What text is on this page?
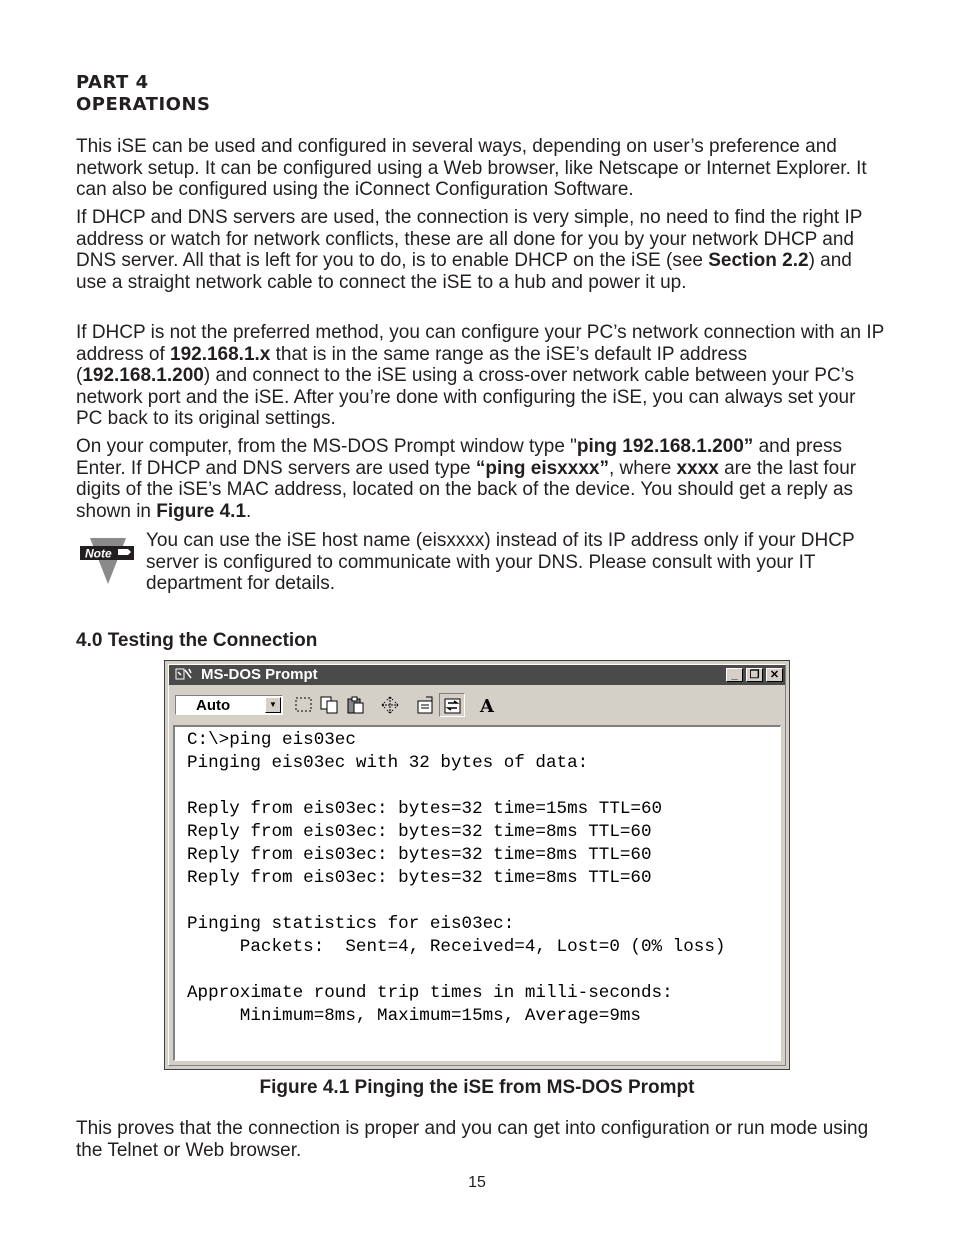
PART 4
OPERATIONS
This iSE can be used and configured in several ways, depending on user’s preference and network setup. It can be configured using a Web browser, like Netscape or Internet Explorer. It can also be configured using the iConnect Configuration Software.
If DHCP and DNS servers are used, the connection is very simple, no need to find the right IP address or watch for network conflicts, these are all done for you by your network DHCP and DNS server. All that is left for you to do, is to enable DHCP on the iSE (see Section 2.2) and use a straight network cable to connect the iSE to a hub and power it up.
If DHCP is not the preferred method, you can configure your PC’s network connection with an IP address of 192.168.1.x that is in the same range as the iSE’s default IP address (192.168.1.200) and connect to the iSE using a cross-over network cable between your PC’s network port and the iSE. After you’re done with configuring the iSE, you can always set your PC back to its original settings.
On your computer, from the MS-DOS Prompt window type "ping 192.168.1.200” and press Enter. If DHCP and DNS servers are used type “ping eisxxxx”, where xxxx are the last four digits of the iSE’s MAC address, located on the back of the device. You should get a reply as shown in Figure 4.1.
Note
You can use the iSE host name (eisxxxx) instead of its IP address only if your DHCP server is configured to communicate with your DNS. Please consult with your IT department for details.
4.0 Testing the Connection
MS-DOS Prompt	_	❐ ✕
Auto	▼	A
C:\>ping eis03ec
Pinging eis03ec with 32 bytes of data:

Reply from eis03ec: bytes=32 time=15ms TTL=60
Reply from eis03ec: bytes=32 time=8ms TTL=60
Reply from eis03ec: bytes=32 time=8ms TTL=60
Reply from eis03ec: bytes=32 time=8ms TTL=60

Pinging statistics for eis03ec:
Packets:  Sent=4, Received=4, Lost=0 (0% loss)

Approximate round trip times in milli-seconds:
Minimum=8ms, Maximum=15ms, Average=9ms

Figure 4.1 Pinging the iSE from MS-DOS Prompt
This proves that the connection is proper and you can get into configuration or run mode using the Telnet or Web browser.
15
